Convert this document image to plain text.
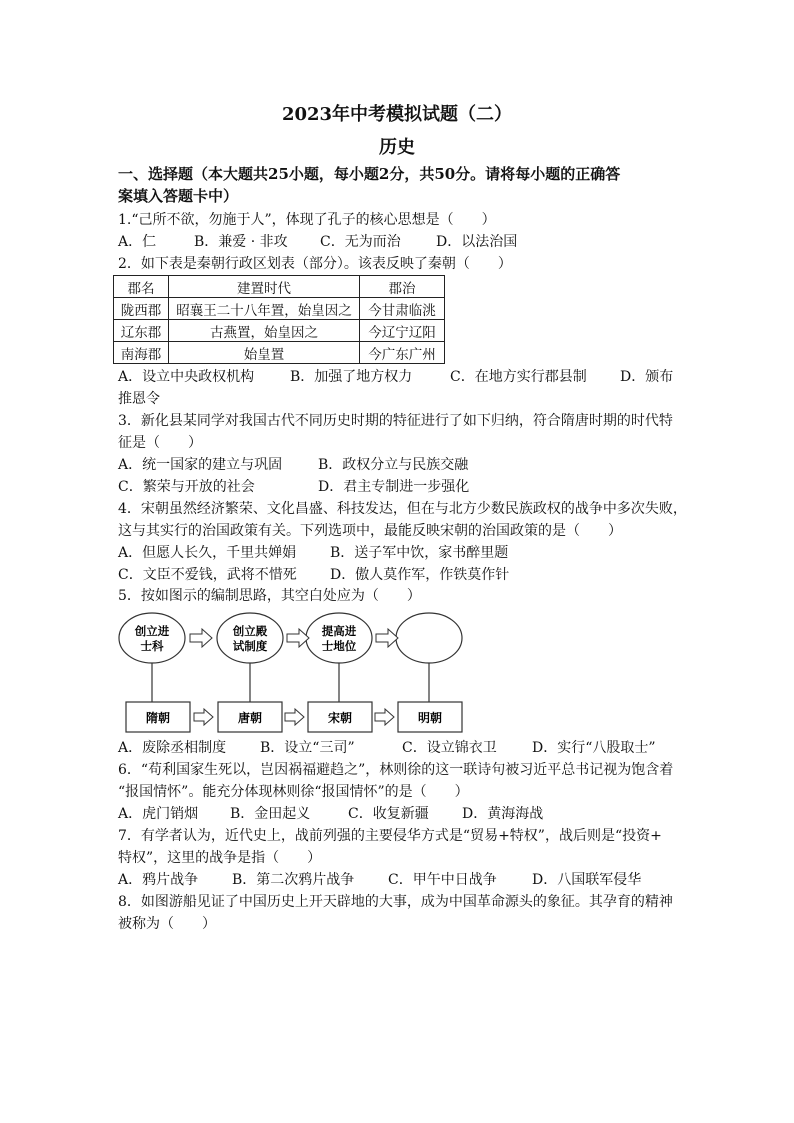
2023年中考模拟试题（二）
历史
一、选择题（本大题共25小题，每小题2分，共50分。请将每小题的正确答
案填入答题卡中）
1.“己所不欲，勿施于人”，体现了孔子的核心思想是（　　）
A．仁	B．兼爱 · 非攻 C．无为而治	D．以法治国
2．如下表是秦朝行政区划表（部分）。该表反映了秦朝（　　）
郡名	建置时代	郡治
陇西郡	昭襄王二十八年置，始皇因之	今甘肃临洮
辽东郡	古燕置，始皇因之	今辽宁辽阳
南海郡	始皇置	今广东广州
A．设立中央政权机构	B．加强了地方权力	C．在地方实行郡县制 D．颁布
推恩令
3．新化县某同学对我国古代不同历史时期的特征进行了如下归纳，符合隋唐时期的时代特
征是（　　）
A．统一国家的建立与巩固	B．政权分立与民族交融
C．繁荣与开放的社会	D．君主专制进一步强化
4．宋朝虽然经济繁荣、文化昌盛、科技发达，但在与北方少数民族政权的战争中多次失败，
这与其实行的治国政策有关。下列选项中，最能反映宋朝的治国政策的是（　　）
A．但愿人长久，千里共婵娟 B．送子军中饮，家书醉里题
C．文臣不爱钱，武将不惜死 D．傲人莫作军，作铁莫作针
5．按如图示的编制思路，其空白处应为（　　）
创立进
士科
创立殿
试制度
提高进
士地位
隋朝	唐朝	宋朝	明朝
A．废除丞相制度 B．设立“三司”	C．设立锦衣卫	D．实行“八股取士”
6．“苟利国家生死以，岂因祸福避趋之”，林则徐的这一联诗句被习近平总书记视为饱含着
“报国情怀”。能充分体现林则徐“报国情怀”的是（　　）
A．虎门销烟 B．金田起义	C．收复新疆 D．黄海海战
7．有学者认为，近代史上，战前列强的主要侵华方式是“贸易+特权”，战后则是“投资+
特权”，这里的战争是指（　　）
A．鸦片战争 B．第二次鸦片战争 C．甲午中日战争	D．八国联军侵华
8．如图游船见证了中国历史上开天辟地的大事，成为中国革命源头的象征。其孕育的精神
被称为（　　）
